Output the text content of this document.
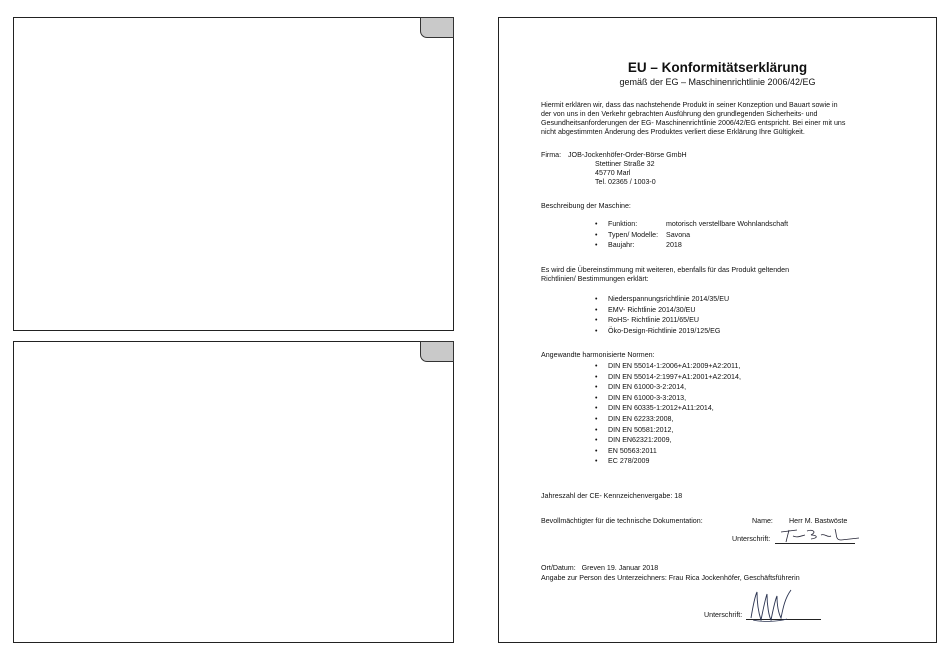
EU – Konformitätserklärung
gemäß der EG – Maschinenrichtlinie 2006/42/EG
Hiermit erklären wir, dass das nachstehende Produkt in seiner Konzeption und Bauart sowie in
der von uns in den Verkehr gebrachten Ausführung den grundlegenden Sicherheits- und
Gesundheitsanforderungen der EG- Maschinenrichtlinie 2006/42/EG entspricht. Bei einer mit uns
nicht abgestimmten Änderung des Produktes verliert diese Erklärung Ihre Gültigkeit.
Firma: JOB-Jockenhöfer-Order-Börse GmbH
Stettiner Straße 32
45770 Marl
Tel. 02365 / 1003-0
Beschreibung der Maschine:
• Funktion:	motorisch verstellbare Wohnlandschaft
• Typen/ Modelle: Savona
• Baujahr:	2018
Es wird die Übereinstimmung mit weiteren, ebenfalls für das Produkt geltenden
Richtlinien/ Bestimmungen erklärt:
• Niederspannungsrichtlinie 2014/35/EU
• EMV- Richtlinie 2014/30/EU
• RoHS- Richtlinie 2011/65/EU
• Öko-Design-Richtlinie 2019/125/EG
Angewandte harmonisierte Normen:
• DIN EN 55014-1:2006+A1:2009+A2:2011,
• DIN EN 55014-2:1997+A1:2001+A2:2014,
• DIN EN 61000-3-2:2014,
• DIN EN 61000-3-3:2013,
• DIN EN 60335-1:2012+A11:2014,
• DIN EN 62233:2008,
• DIN EN 50581:2012,
• DIN EN62321:2009,
• EN 50563:2011
• EC 278/2009
Jahreszahl der CE- Kennzeichenvergabe: 18
Bevollmächtigter für die technische Dokumentation:	Name: Herr M. Bastwöste
Unterschrift:
Ort/Datum: Greven 19. Januar 2018
Angabe zur Person des Unterzeichners: Frau Rica Jockenhöfer, Geschäftsführerin
Unterschrift:
